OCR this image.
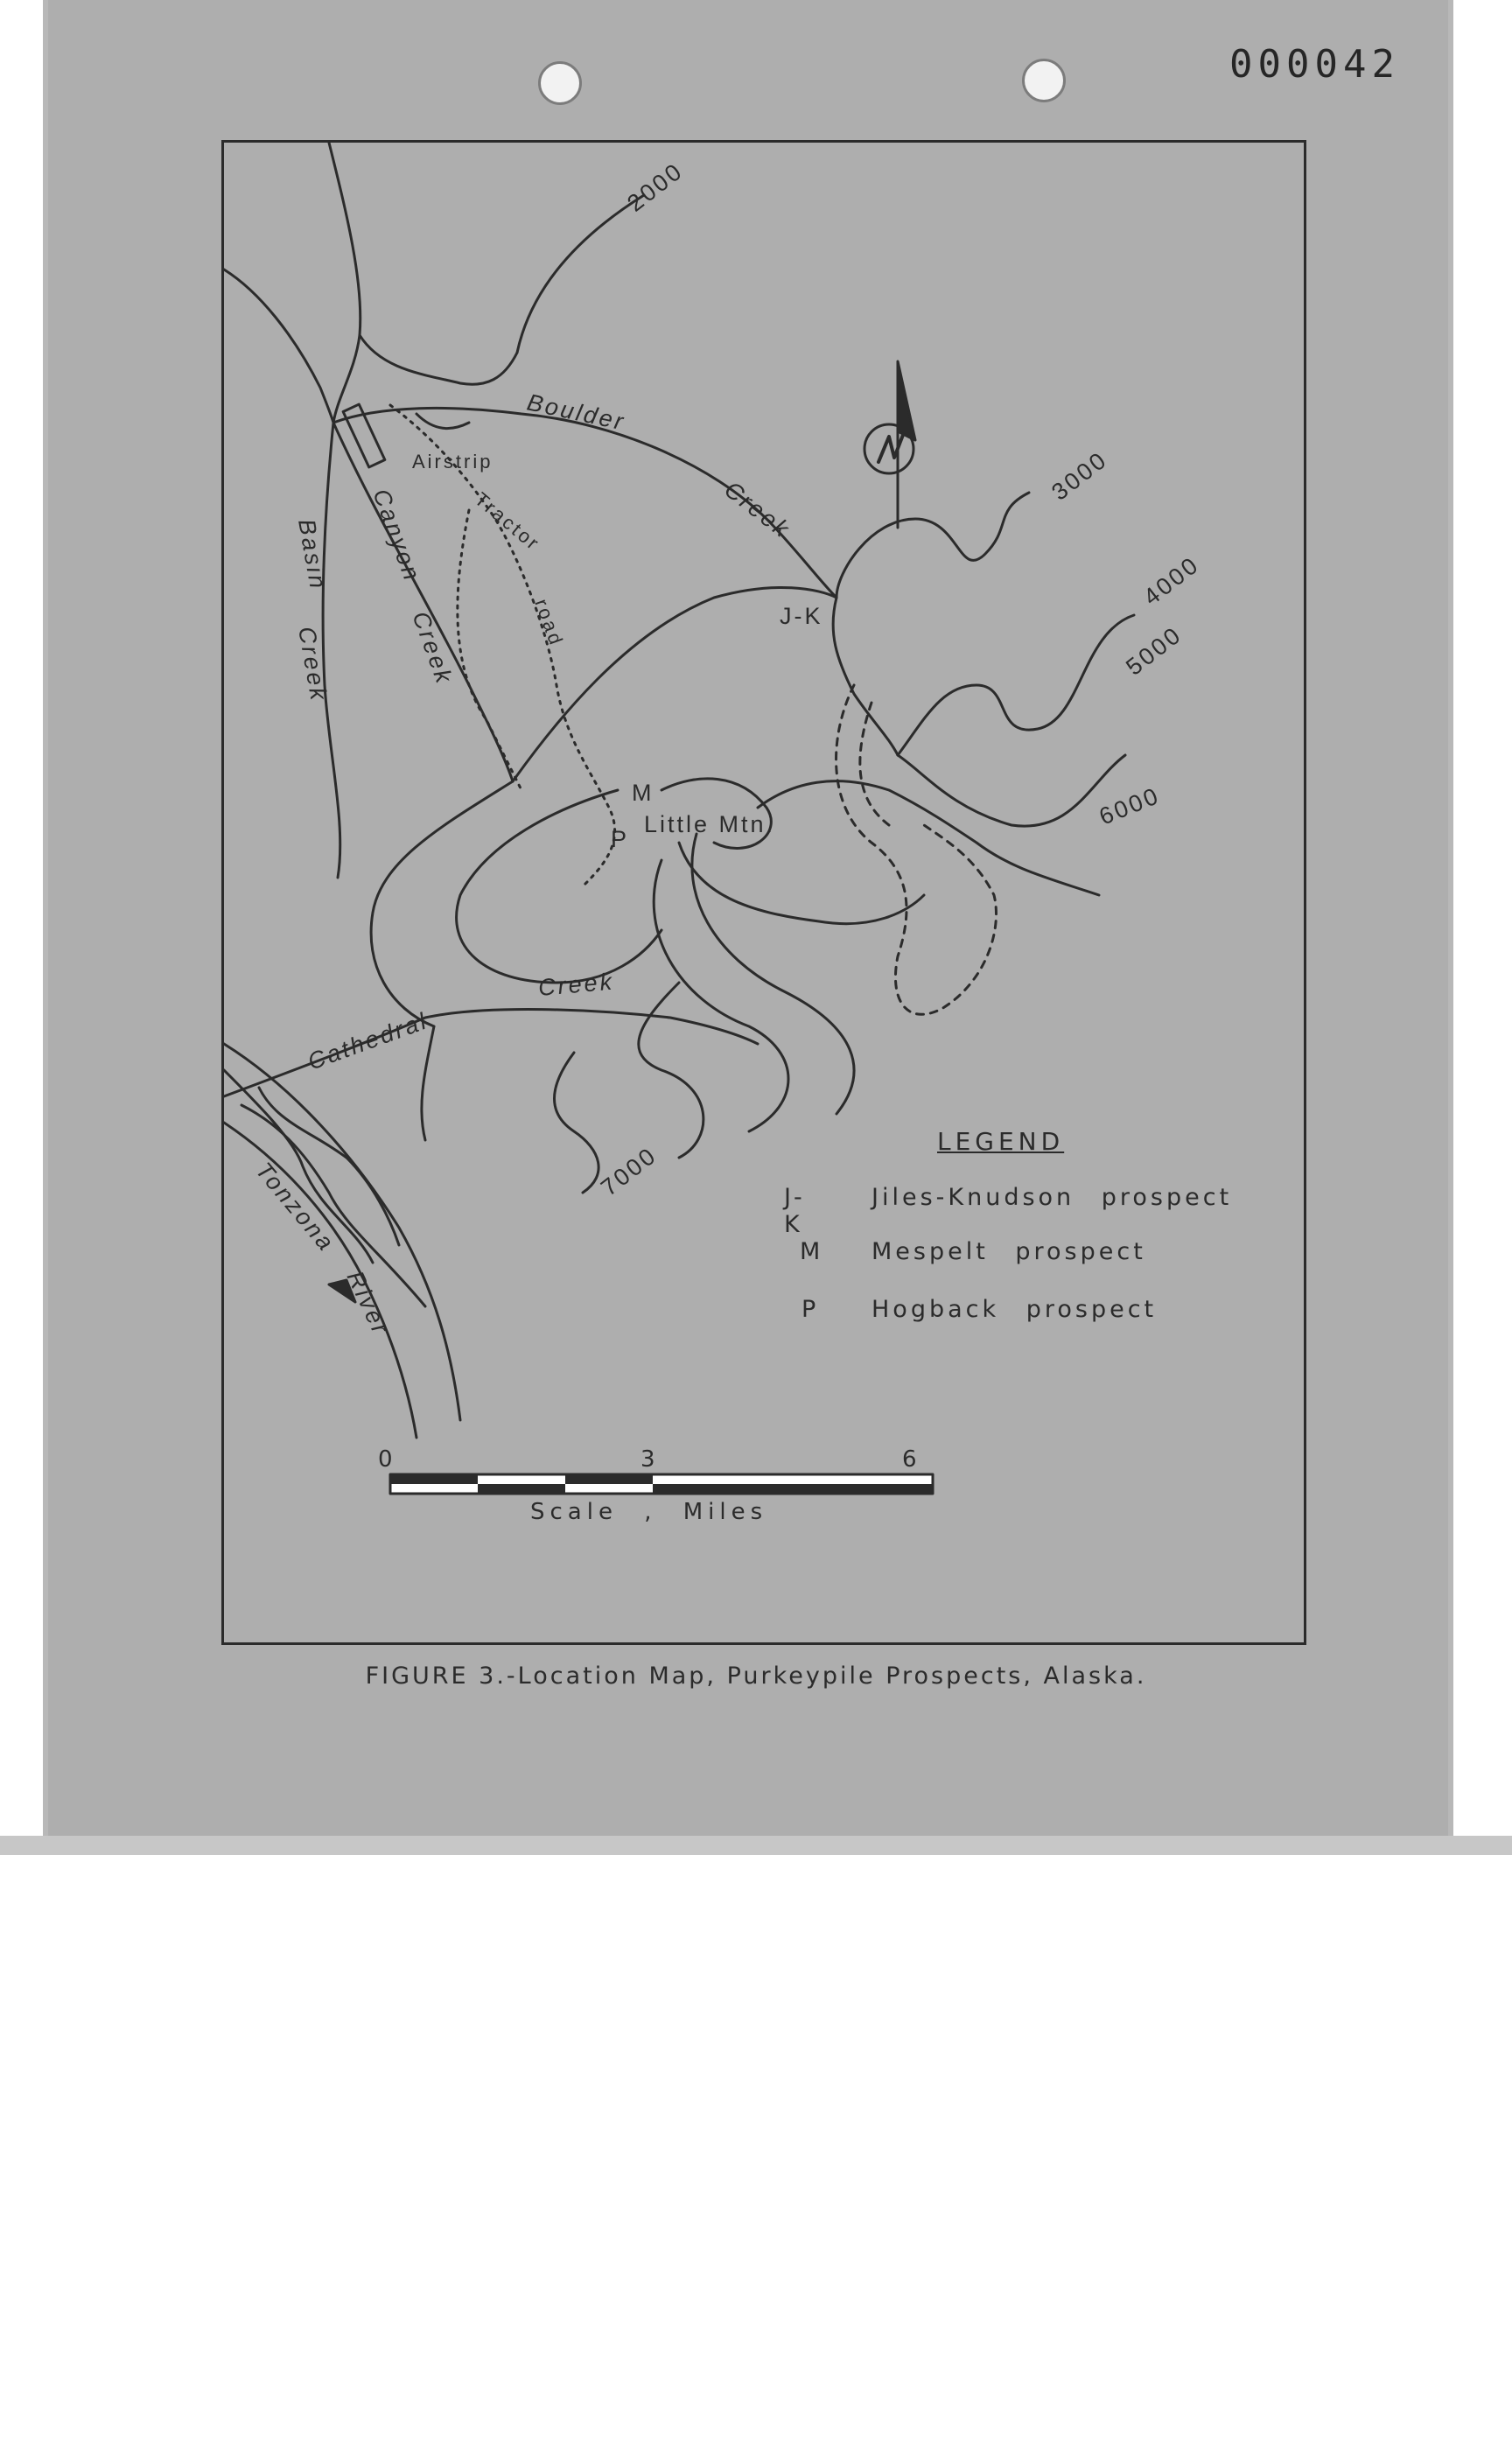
000042
2000
3000
4000
5000
6000
7000
Boulder
Creek
Canyon
Creek
Basin
Creek
Cathedral
Creek
Tonzona
River
Airstrip
Tractor
road	J-K
M
Little Mtn.
P
LEGEND
J-K
Jiles-Knudson prospect
M Mespelt prospect
P Hogback prospect
0	3	6
Scale , Miles
FIGURE 3.-Location Map, Purkeypile Prospects, Alaska.
